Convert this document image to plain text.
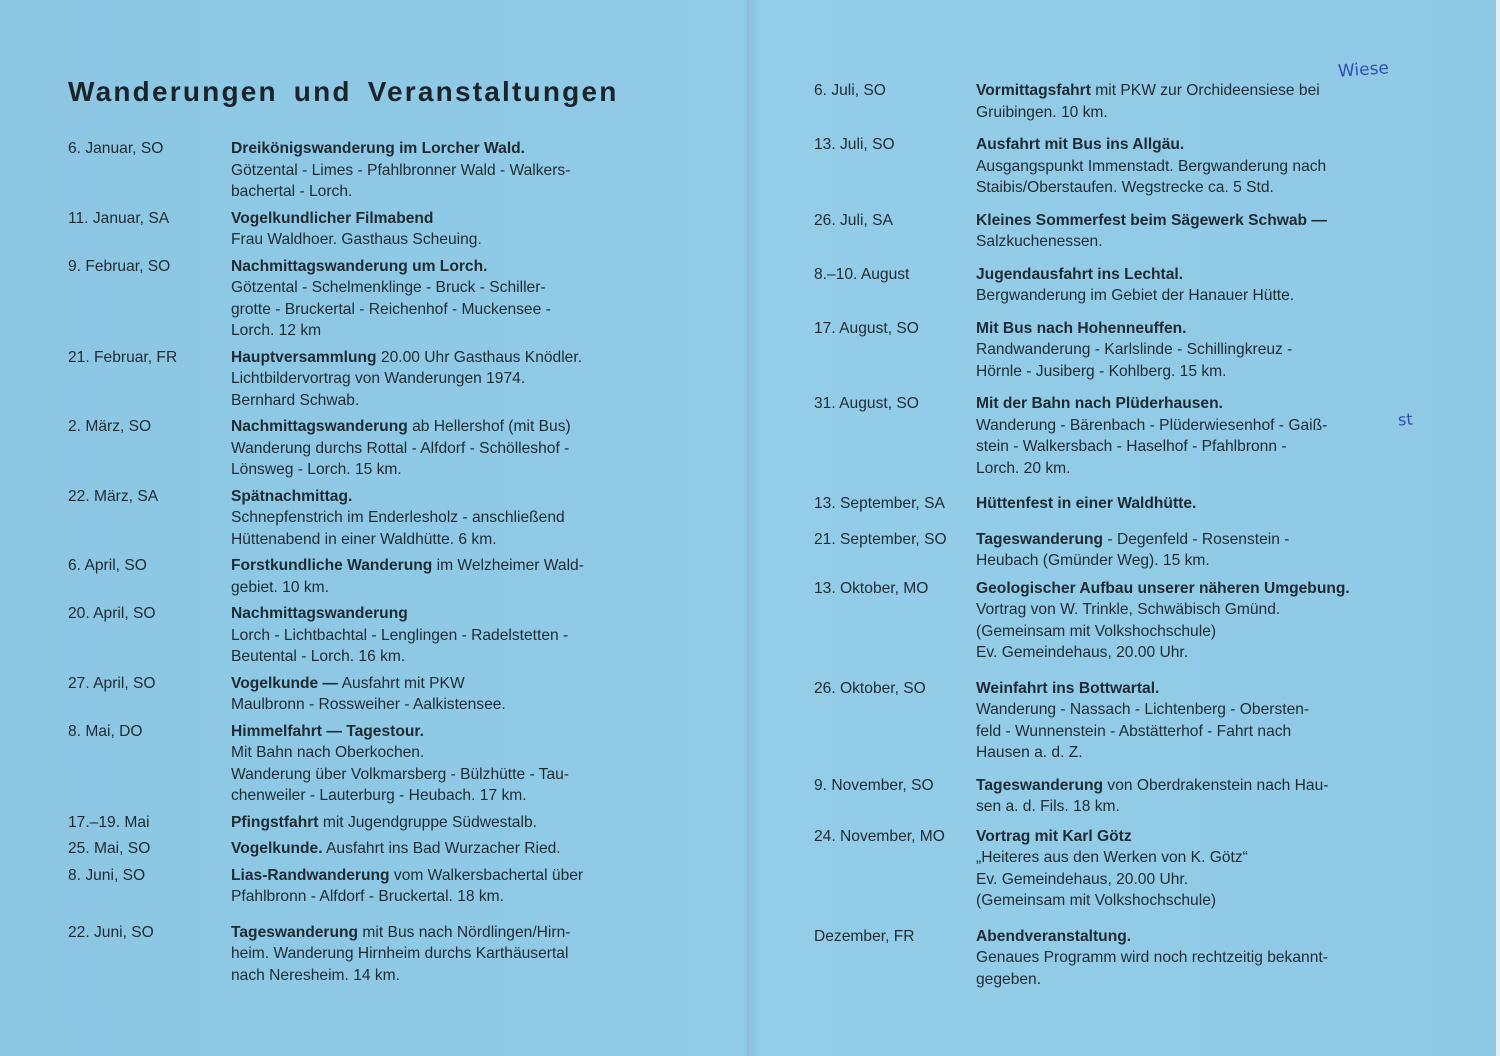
Wanderungen und Veranstaltungen
6. Januar, SO	Dreikönigswanderung im Lorcher Wald.
Götzental - Limes - Pfahlbronner Wald - Walkers-
bachertal - Lorch.
11. Januar, SA	Vogelkundlicher Filmabend
Frau Waldhoer. Gasthaus Scheuing.
9. Februar, SO	Nachmittagswanderung um Lorch.
Götzental - Schelmenklinge - Bruck - Schiller-
grotte - Bruckertal - Reichenhof - Muckensee -
Lorch. 12 km
21. Februar, FR	Hauptversammlung 20.00 Uhr Gasthaus Knödler.
Lichtbildervortrag von Wanderungen 1974.
Bernhard Schwab.
2. März, SO	Nachmittagswanderung ab Hellershof (mit Bus)
Wanderung durchs Rottal - Alfdorf - Schölleshof -
Lönsweg - Lorch. 15 km.
22. März, SA	Spätnachmittag.
Schnepfenstrich im Enderlesholz - anschließend
Hüttenabend in einer Waldhütte. 6 km.
6. April, SO	Forstkundliche Wanderung im Welzheimer Wald-
gebiet. 10 km.
20. April, SO	Nachmittagswanderung
Lorch - Lichtbachtal - Lenglingen - Radelstetten -
Beutental - Lorch. 16 km.
27. April, SO	Vogelkunde — Ausfahrt mit PKW
Maulbronn - Rossweiher - Aalkistensee.
8. Mai, DO	Himmelfahrt — Tagestour.
Mit Bahn nach Oberkochen.
Wanderung über Volkmarsberg - Bülzhütte - Tau-
chenweiler - Lauterburg - Heubach. 17 km.
17.–19. Mai	Pfingstfahrt mit Jugendgruppe Südwestalb.
25. Mai, SO	Vogelkunde. Ausfahrt ins Bad Wurzacher Ried.
8. Juni, SO	Lias-Randwanderung vom Walkersbachertal über
Pfahlbronn - Alfdorf - Bruckertal. 18 km.
22. Juni, SO	Tageswanderung mit Bus nach Nördlingen/Hirn-
heim. Wanderung Hirnheim durchs Karthäusertal
nach Neresheim. 14 km.
6. Juli, SO	Vormittagsfahrt mit PKW zur Orchideensiese bei
Gruibingen. 10 km.
13. Juli, SO	Ausfahrt mit Bus ins Allgäu.
Ausgangspunkt Immenstadt. Bergwanderung nach
Staibis/Oberstaufen. Wegstrecke ca. 5 Std.
26. Juli, SA	Kleines Sommerfest beim Sägewerk Schwab —
Salzkuchenessen.
8.–10. August	Jugendausfahrt ins Lechtal.
Bergwanderung im Gebiet der Hanauer Hütte.
17. August, SO	Mit Bus nach Hohenneuffen.
Randwanderung - Karlslinde - Schillingkreuz -
Hörnle - Jusiberg - Kohlberg. 15 km.
31. August, SO	Mit der Bahn nach Plüderhausen.
Wanderung - Bärenbach - Plüderwiesenhof - Gaiß-
stein - Walkersbach - Haselhof - Pfahlbronn -
Lorch. 20 km.
13. September, SA	Hüttenfest in einer Waldhütte.
21. September, SO	Tageswanderung - Degenfeld - Rosenstein -
Heubach (Gmünder Weg). 15 km.
13. Oktober, MO	Geologischer Aufbau unserer näheren Umgebung.
Vortrag von W. Trinkle, Schwäbisch Gmünd.
(Gemeinsam mit Volkshochschule)
Ev. Gemeindehaus, 20.00 Uhr.
26. Oktober, SO	Weinfahrt ins Bottwartal.
Wanderung - Nassach - Lichtenberg - Obersten-
feld - Wunnenstein - Abstätterhof - Fahrt nach
Hausen a. d. Z.
9. November, SO	Tageswanderung von Oberdrakenstein nach Hau-
sen a. d. Fils. 18 km.
24. November, MO	Vortrag mit Karl Götz
„Heiteres aus den Werken von K. Götz“
Ev. Gemeindehaus, 20.00 Uhr.
(Gemeinsam mit Volkshochschule)
Dezember, FR	Abendveranstaltung.
Genaues Programm wird noch rechtzeitig bekannt-
gegeben.
Wiese
st
